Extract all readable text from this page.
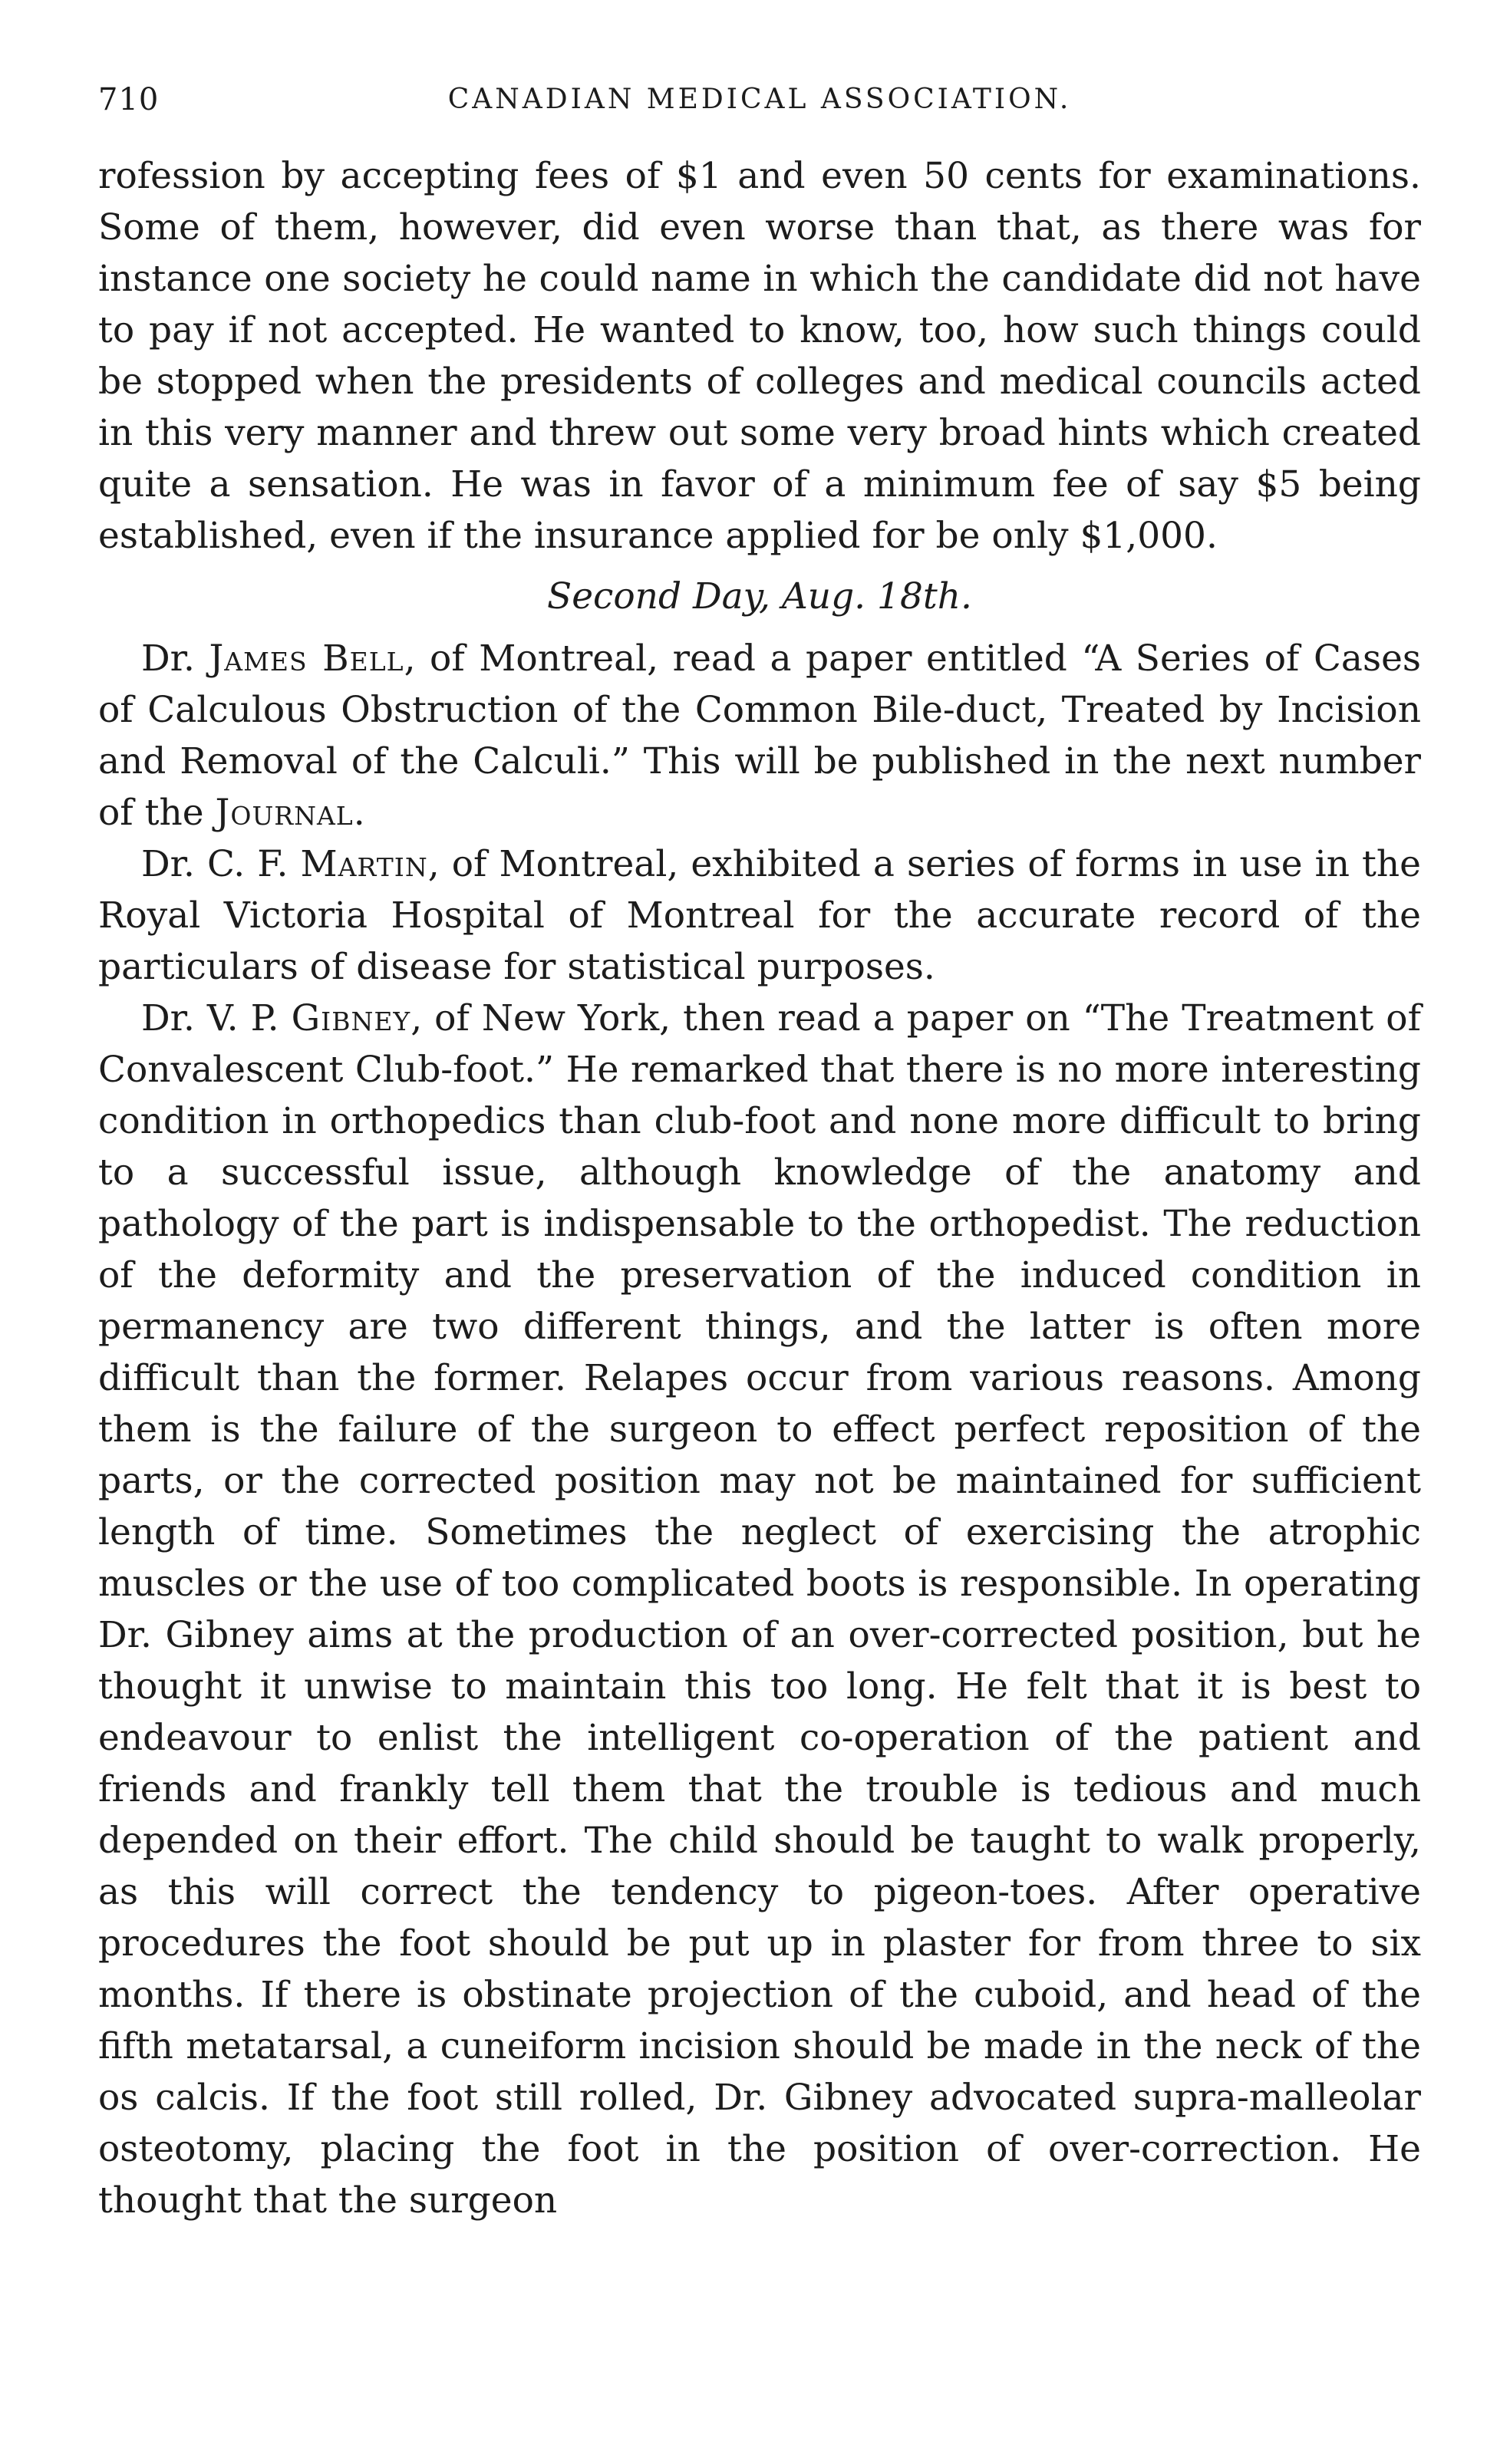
710	CANADIAN MEDICAL ASSOCIATION.

rofession by accepting fees of $1 and even 50 cents for examinations. Some of them, however, did even worse than that, as there was for instance one society he could name in which the candidate did not have to pay if not accepted. He wanted to know, too, how such things could be stopped when the presidents of colleges and medical councils acted in this very manner and threw out some very broad hints which created quite a sensation. He was in favor of a minimum fee of say $5 being established, even if the insurance applied for be only $1,000.

Second Day, Aug. 18th.

Dr. James Bell, of Montreal, read a paper entitled “A Series of Cases of Calculous Obstruction of the Common Bile-duct, Treated by Incision and Removal of the Calculi.” This will be published in the next number of the Journal.

Dr. C. F. Martin, of Montreal, exhibited a series of forms in use in the Royal Victoria Hospital of Montreal for the accurate record of the particulars of disease for statistical purposes.

Dr. V. P. Gibney, of New York, then read a paper on “The Treatment of Convalescent Club-foot.” He remarked that there is no more interesting condition in orthopedics than club-foot and none more difficult to bring to a successful issue, although knowledge of the anatomy and pathology of the part is indispensable to the orthopedist. The reduction of the deformity and the preservation of the induced condition in permanency are two different things, and the latter is often more difficult than the former. Relapes occur from various reasons. Among them is the failure of the surgeon to effect perfect reposition of the parts, or the corrected position may not be maintained for sufficient length of time. Sometimes the neglect of exercising the atrophic muscles or the use of too complicated boots is responsible. In operating Dr. Gibney aims at the production of an over-corrected position, but he thought it unwise to maintain this too long. He felt that it is best to endeavour to enlist the intelligent co-operation of the patient and friends and frankly tell them that the trouble is tedious and much depended on their effort. The child should be taught to walk properly, as this will correct the tendency to pigeon-toes. After operative procedures the foot should be put up in plaster for from three to six months. If there is obstinate projection of the cuboid, and head of the fifth metatarsal, a cuneiform incision should be made in the neck of the os calcis. If the foot still rolled, Dr. Gibney advocated supra-malleolar osteotomy, placing the foot in the position of over-correction. He thought that the surgeon
